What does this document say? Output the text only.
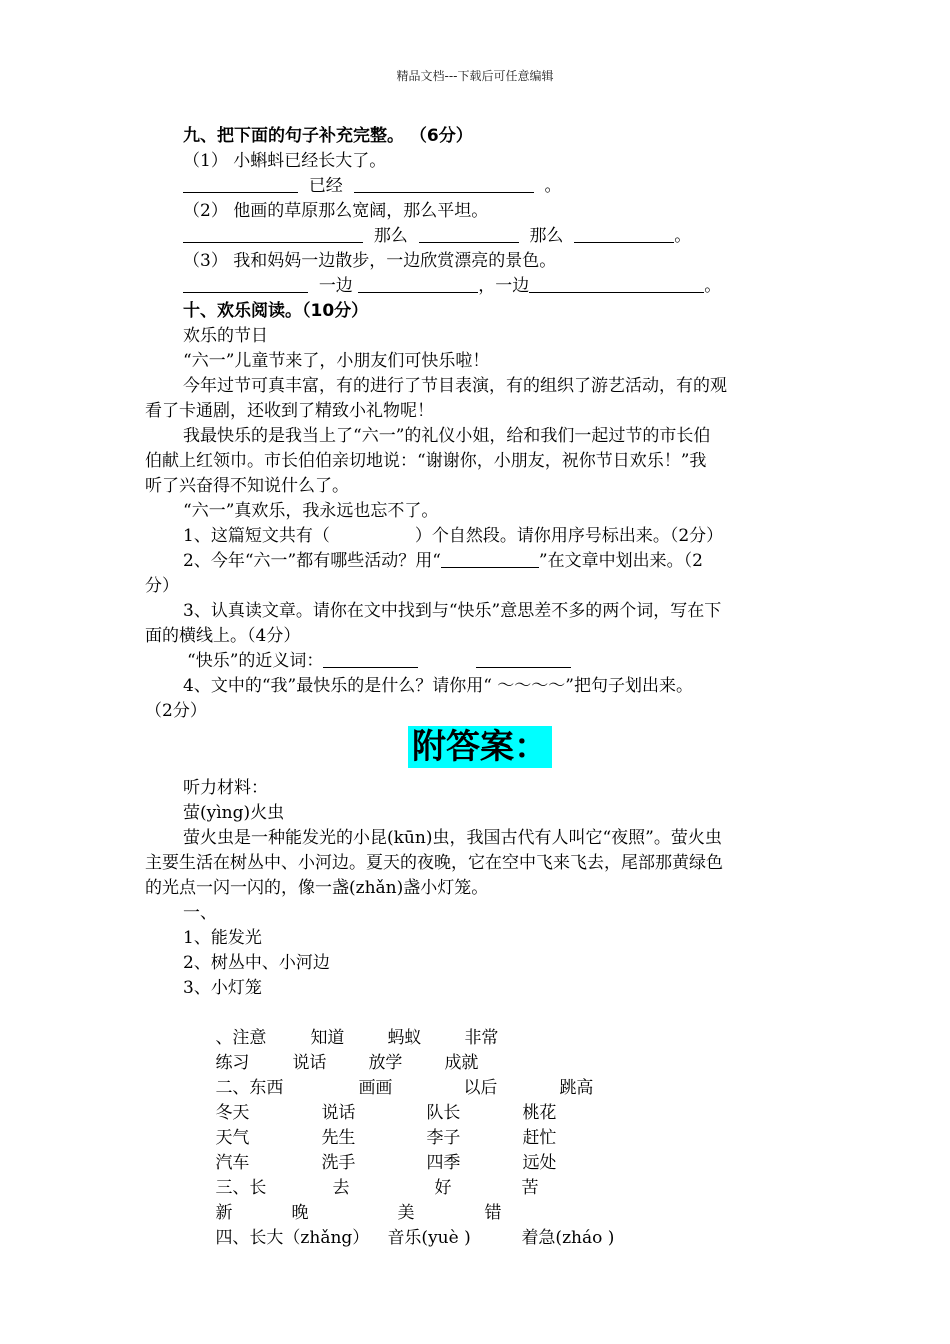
精品文档---下载后可任意编辑
九、把下面的句子补充完整。 （6分）
（1） 小蝌蚪已经长大了。
已经	。
（2） 他画的草原那么宽阔，那么平坦。
那么	那么	。
（3） 我和妈妈一边散步，一边欣赏漂亮的景色。
一边	，一边	。
十、欢乐阅读。（10分）
欢乐的节日
“六一”儿童节来了，小朋友们可快乐啦！
今年过节可真丰富，有的进行了节目表演，有的组织了游艺活动，有的观
看了卡通剧，还收到了精致小礼物呢！
我最快乐的是我当上了“六一”的礼仪小姐，给和我们一起过节的市长伯
伯献上红领巾。市长伯伯亲切地说：“谢谢你，小朋友，祝你节日欢乐！”我
听了兴奋得不知说什么了。
“六一”真欢乐，我永远也忘不了。
1、这篇短文共有（	）个自然段。请你用序号标出来。（2分）
2、今年“六一”都有哪些活动？用“	”在文章中划出来。（2
分）
3、认真读文章。请你在文中找到与“快乐”意思差不多的两个词，写在下
面的横线上。（4分）
“快乐”的近义词：
4、文中的“我”最快乐的是什么？请你用“ ～～～～”把句子划出来。
（2分）
附答案：
听力材料：
萤(yìng)火虫
萤火虫是一种能发光的小昆(kūn)虫，我国古代有人叫它“夜照”。萤火虫
主要生活在树丛中、小河边。夏天的夜晚，它在空中飞来飞去，尾部那黄绿色
的光点一闪一闪的，像一盏(zhǎn)盏小灯笼。
一、
1、能发光
2、树丛中、小河边
3、小灯笼

、注意	知道	蚂蚁	非常

练习	说话 放学 成就

二、东西	画画	以后	跳高

冬天	说话	队长	桃花

天气	先生	李子	赶忙

汽车	洗手	四季	远处

三、长	去	好	苦

新	晚	美	错

四、长大（zhǎng） 音乐(yuè )	着急(zháo )
